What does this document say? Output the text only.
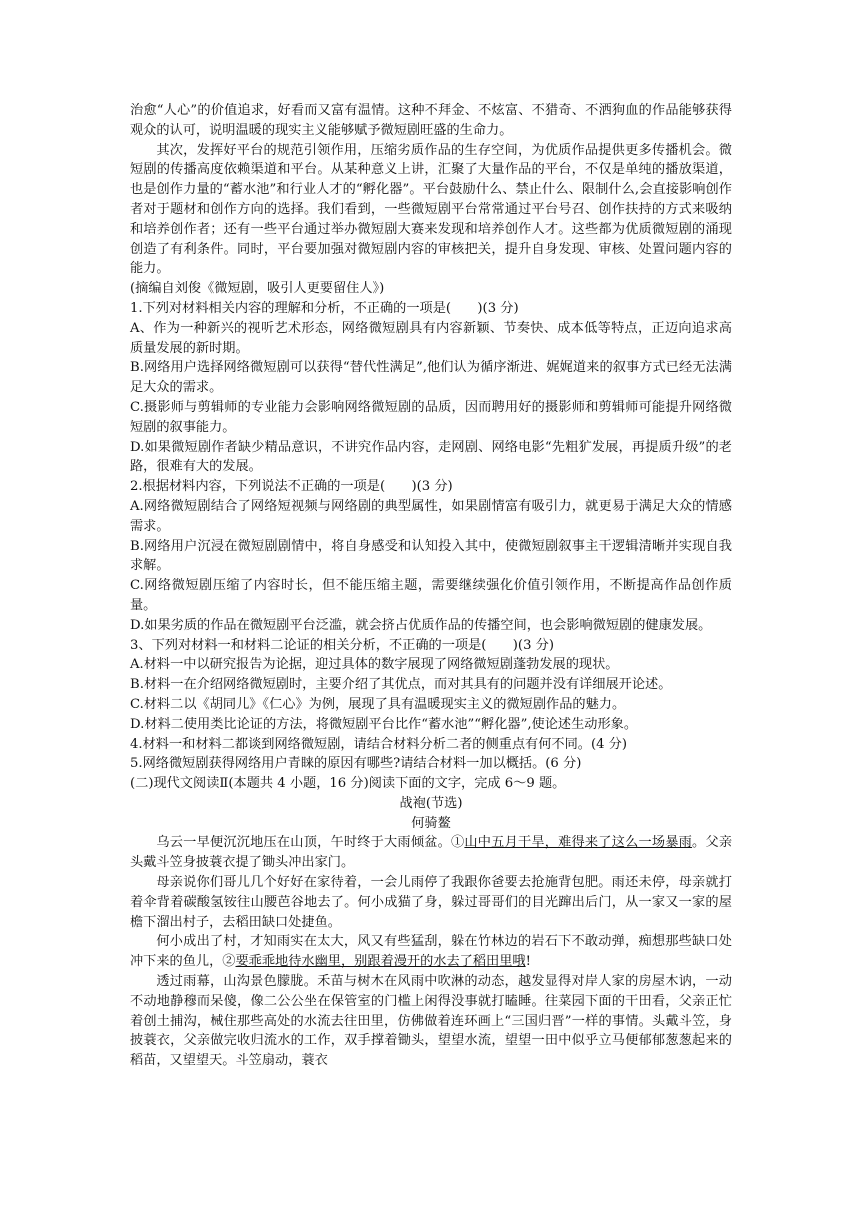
治愈“人心”的价值追求，好看而又富有温情。这种不拜金、不炫富、不猎奇、不洒狗血的作品能够获得观众的认可，说明温暖的现实主义能够赋予微短剧旺盛的生命力。

其次，发挥好平台的规范引领作用，压缩劣质作品的生存空间，为优质作品提供更多传播机会。微短剧的传播高度依赖渠道和平台。从某种意义上讲，汇聚了大量作品的平台，不仅是单纯的播放渠道，也是创作力量的“蓄水池”和行业人才的“孵化器”。平台鼓励什么、禁止什么、限制什么,会直接影响创作者对于题材和创作方向的选择。我们看到，一些微短剧平台常常通过平台号召、创作扶持的方式来吸纳和培养创作者；还有一些平台通过举办微短剧大赛来发现和培养创作人才。这些都为优质微短剧的涌现创造了有利条件。同时，平台要加强对微短剧内容的审核把关，提升自身发现、审核、处置问题内容的能力。

(摘编自刘俊《微短剧，吸引人更要留住人》)

1.下列对材料相关内容的理解和分析，不正确的一项是(　　)(3 分)

A、作为一种新兴的视听艺术形态，网络微短剧具有内容新颖、节奏快、成本低等特点，正迈向追求高质量发展的新时期。

B.网络用户选择网络微短剧可以获得“替代性满足”,他们认为循序渐进、娓娓道来的叙事方式已经无法满足大众的需求。

C.摄影师与剪辑师的专业能力会影响网络微短剧的品质，因而聘用好的摄影师和剪辑师可能提升网络微短剧的叙事能力。

D.如果微短剧作者缺少精品意识，不讲究作品内容，走网剧、网络电影“先粗犷发展，再提质升级”的老路，很难有大的发展。

2.根据材料内容，下列说法不正确的一项是(　　)(3 分)

A.网络微短剧结合了网络短视频与网络剧的典型属性，如果剧情富有吸引力，就更易于满足大众的情感需求。

B.网络用户沉浸在微短剧剧情中，将自身感受和认知投入其中，使微短剧叙事主干逻辑清晰并实现自我求解。

C.网络微短剧压缩了内容时长，但不能压缩主题，需要继续强化价值引领作用，不断提高作品创作质量。

D.如果劣质的作品在微短剧平台泛滥，就会挤占优质作品的传播空间，也会影响微短剧的健康发展。

3、下列对材料一和材料二论证的相关分析，不正确的一项是(　　)(3 分)

A.材料一中以研究报告为论据，迎过具体的数字展现了网络微短剧蓬勃发展的现状。

B.材料一在介绍网络微短剧时，主要介绍了其优点，而对其具有的问题并没有详细展开论述。

C.材料二以《胡同儿》《仁心》为例，展现了具有温暖现实主义的微短剧作品的魅力。

D.材料二使用类比论证的方法，将微短剧平台比作“蓄水池”“孵化器”,使论述生动形象。

4.材料一和材料二都谈到网络微短剧，请结合材料分析二者的侧重点有何不同。(4 分)

5.网络微短剧获得网络用户青睐的原因有哪些?请结合材料一加以概括。(6 分)

(二)现代文阅读Ⅱ(本题共 4 小题，16 分)阅读下面的文字，完成 6～9 题。

战袍(节选)

何骑鳌

乌云一早便沉沉地压在山顶，午时终于大雨倾盆。①山中五月干旱，难得来了这么一场暴雨。父亲头戴斗笠身披蓑衣提了锄头冲出家门。

母亲说你们哥儿几个好好在家待着，一会儿雨停了我跟你爸要去抢施背包肥。雨还未停，母亲就打着伞背着碳酸氢铵往山腰芭谷地去了。何小成猫了身，躲过哥哥们的目光蹿出后门，从一家又一家的屋檐下溜出村子，去稻田缺口处捷鱼。

何小成出了村，才知雨实在太大，风又有些猛刮，躲在竹林边的岩石下不敢动弹，痴想那些缺口处冲下来的鱼儿，②要乖乖地待水幽里，别跟着漫开的水去了稻田里哦!

透过雨幕，山沟景色朦胧。禾苗与树木在风雨中吹淋的动态，越发显得对岸人家的房屋木讷，一动不动地静穆而呆傻，像二公公坐在保管室的门槛上闲得没事就打瞌睡。往菜园下面的干田看，父亲正忙着创土捕沟，械住那些高处的水流去往田里，仿佛做着连环画上“三国归晋”一样的事情。头戴斗笠，身披蓑衣，父亲做完收归流水的工作，双手撑着锄头，望望水流，望望一田中似乎立马便郁郁葱葱起来的稻苗，又望望天。斗笠扇动，蓑衣
